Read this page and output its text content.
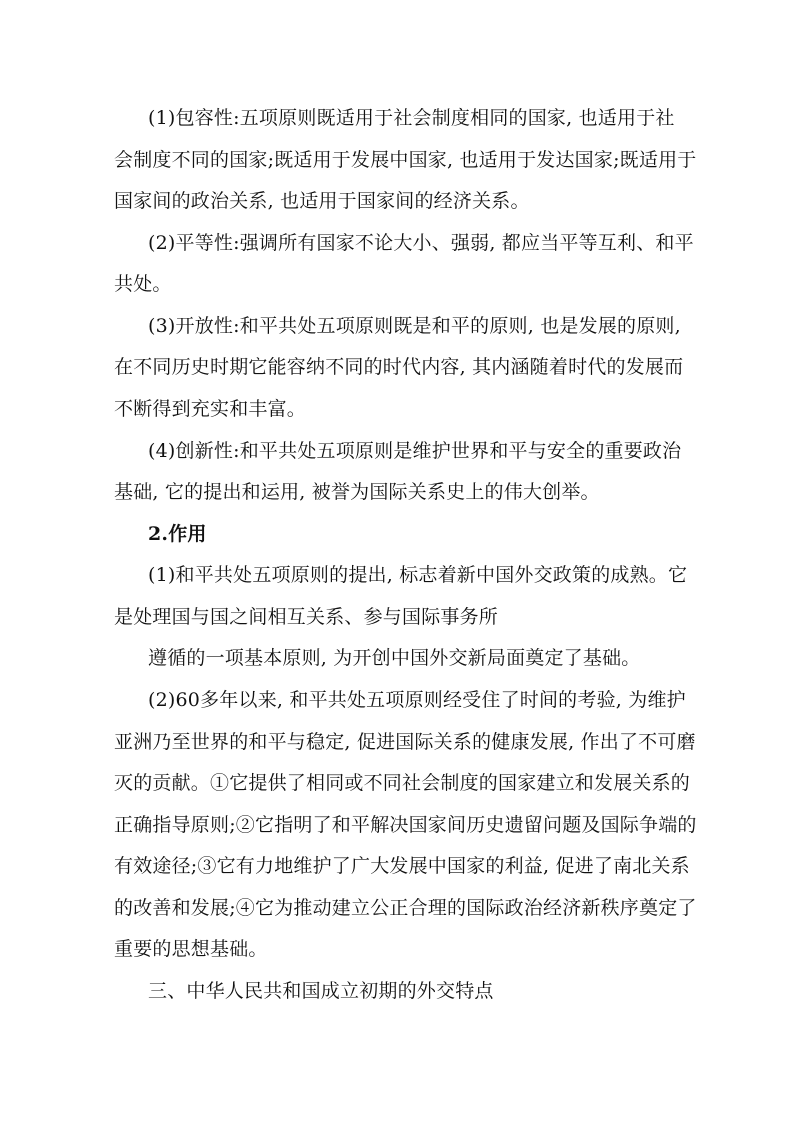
(1)包容性:五项原则既适用于社会制度相同的国家, 也适用于社
会制度不同的国家;既适用于发展中国家, 也适用于发达国家;既适用于
国家间的政治关系, 也适用于国家间的经济关系。
(2)平等性:强调所有国家不论大小、强弱, 都应当平等互利、和平
共处。
(3)开放性:和平共处五项原则既是和平的原则, 也是发展的原则,
在不同历史时期它能容纳不同的时代内容, 其内涵随着时代的发展而
不断得到充实和丰富。
(4)创新性:和平共处五项原则是维护世界和平与安全的重要政治
基础, 它的提出和运用, 被誉为国际关系史上的伟大创举。
2.作用
(1)和平共处五项原则的提出, 标志着新中国外交政策的成熟。它
是处理国与国之间相互关系、参与国际事务所
遵循的一项基本原则, 为开创中国外交新局面奠定了基础。
(2)60多年以来, 和平共处五项原则经受住了时间的考验, 为维护
亚洲乃至世界的和平与稳定, 促进国际关系的健康发展, 作出了不可磨
灭的贡献。①它提供了相同或不同社会制度的国家建立和发展关系的
正确指导原则;②它指明了和平解决国家间历史遗留问题及国际争端的
有效途径;③它有力地维护了广大发展中国家的利益, 促进了南北关系
的改善和发展;④它为推动建立公正合理的国际政治经济新秩序奠定了
重要的思想基础。
三、中华人民共和国成立初期的外交特点
